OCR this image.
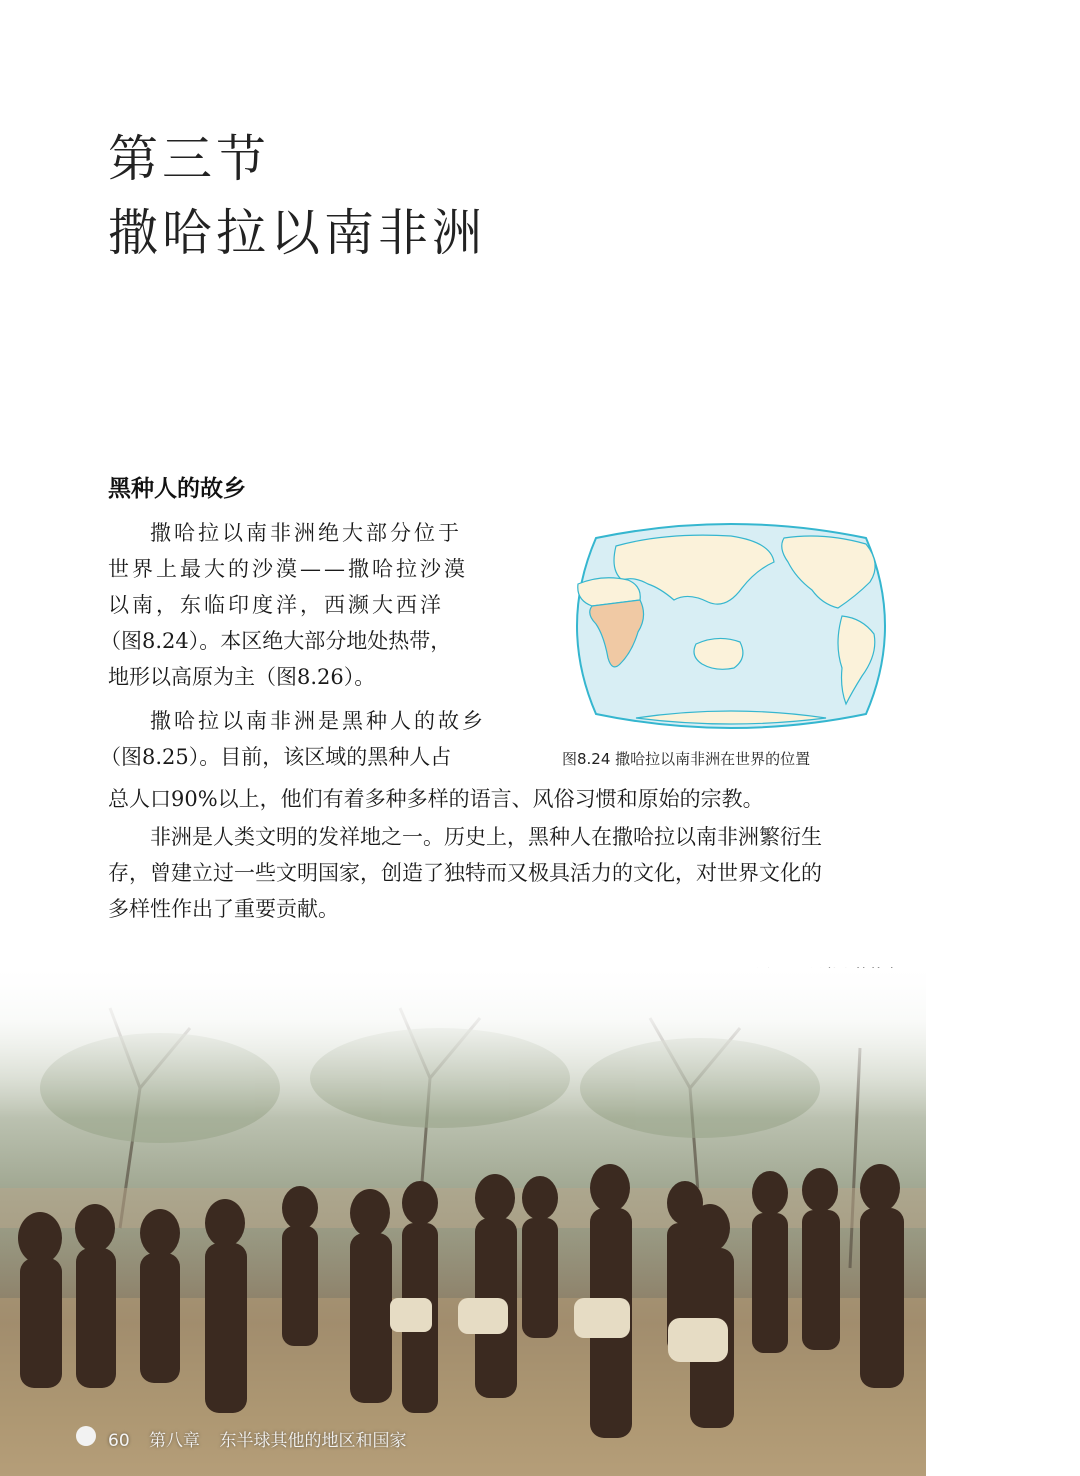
第三节
撒哈拉以南非洲
黑种人的故乡

撒哈拉以南非洲绝大部分位于

世界上最大的沙漠——撒哈拉沙漠

以南，东临印度洋，西濒大西洋

（图8.24）。本区绝大部分地处热带，

地形以高原为主（图8.26）。

撒哈拉以南非洲是黑种人的故乡

（图8.25）。目前，该区域的黑种人占

总人口90%以上，他们有着多种多样的语言、风俗习惯和原始的宗教。

非洲是人类文明的发祥地之一。历史上，黑种人在撒哈拉以南非洲繁衍生

存，曾建立过一些文明国家，创造了独特而又极具活力的文化，对世界文化的

多样性作出了重要贡献。

图8.24 撒哈拉以南非洲在世界的位置

60 第八章 东半球其他的地区和国家
